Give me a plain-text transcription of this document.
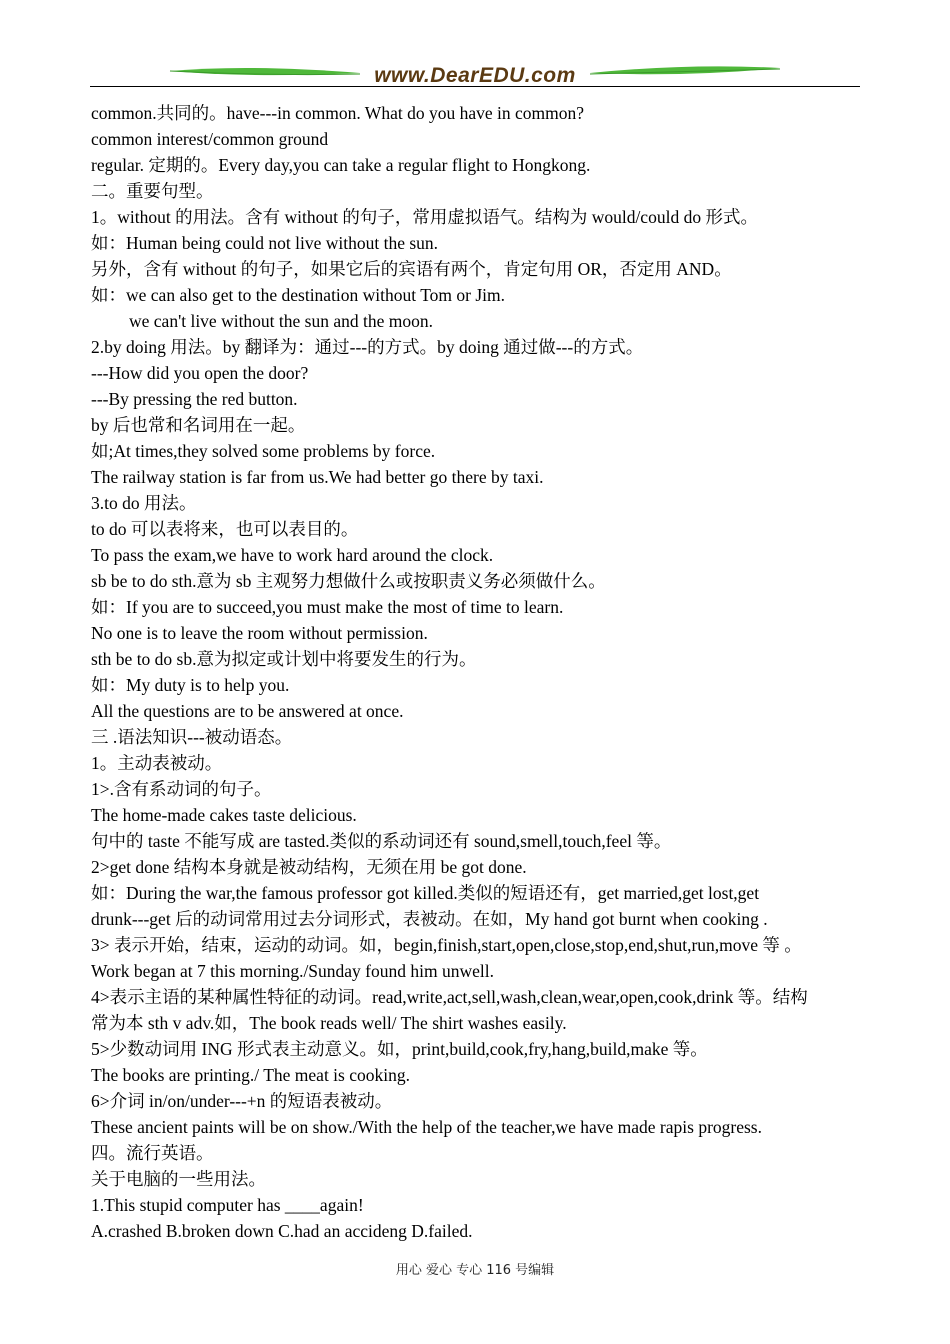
www.DearEDU.com
common.共同的。have---in common. What do you have in common?
common interest/common ground
regular. 定期的。Every day,you can take a regular flight to Hongkong.
二。重要句型。
1。without 的用法。含有 without 的句子，常用虚拟语气。结构为 would/could do 形式。
如：Human being could not live without the sun.
另外，含有 without 的句子，如果它后的宾语有两个，肯定句用 OR，否定用 AND。
如：we can also get to the destination without Tom or Jim.
we can't live without the sun and the moon.
2.by doing 用法。by 翻译为：通过---的方式。by doing 通过做---的方式。
---How did you open the door?
---By pressing the red button.
by 后也常和名词用在一起。
如;At times,they solved some problems by force.
The railway station is far from us.We had better go there by taxi.
3.to do 用法。
to do 可以表将来，也可以表目的。
To pass the exam,we have to work hard around the clock.
sb be to do sth.意为 sb 主观努力想做什么或按职责义务必须做什么。
如：If you are to succeed,you must make the most of time to learn.
No one is to leave the room without permission.
sth be to do sb.意为拟定或计划中将要发生的行为。
如：My duty is to help you.
All the questions are to be answered at once.
三 .语法知识---被动语态。
1。主动表被动。
1>.含有系动词的句子。
The home-made cakes taste delicious.
句中的 taste 不能写成 are tasted.类似的系动词还有 sound,smell,touch,feel 等。
2>get done 结构本身就是被动结构，无须在用 be got done.
如：During the war,the famous professor got killed.类似的短语还有，get married,get lost,get
drunk---get 后的动词常用过去分词形式，表被动。在如，My hand got burnt when cooking .
3> 表示开始，结束，运动的动词。如，begin,finish,start,open,close,stop,end,shut,run,move 等 。
Work began at 7 this morning./Sunday found him unwell.
4>表示主语的某种属性特征的动词。read,write,act,sell,wash,clean,wear,open,cook,drink 等。结构
常为本 sth v adv.如，The book reads well/ The shirt washes easily.
5>少数动词用 ING 形式表主动意义。如，print,build,cook,fry,hang,build,make 等。
The books are printing./ The meat is cooking.
6>介词 in/on/under---+n 的短语表被动。
These ancient paints will be on show./With the help of the teacher,we have made rapis progress.
四。流行英语。
关于电脑的一些用法。
1.This stupid computer has ____again!
A.crashed B.broken down C.had an accideng D.failed.
用心 爱心 专心 116 号编辑
